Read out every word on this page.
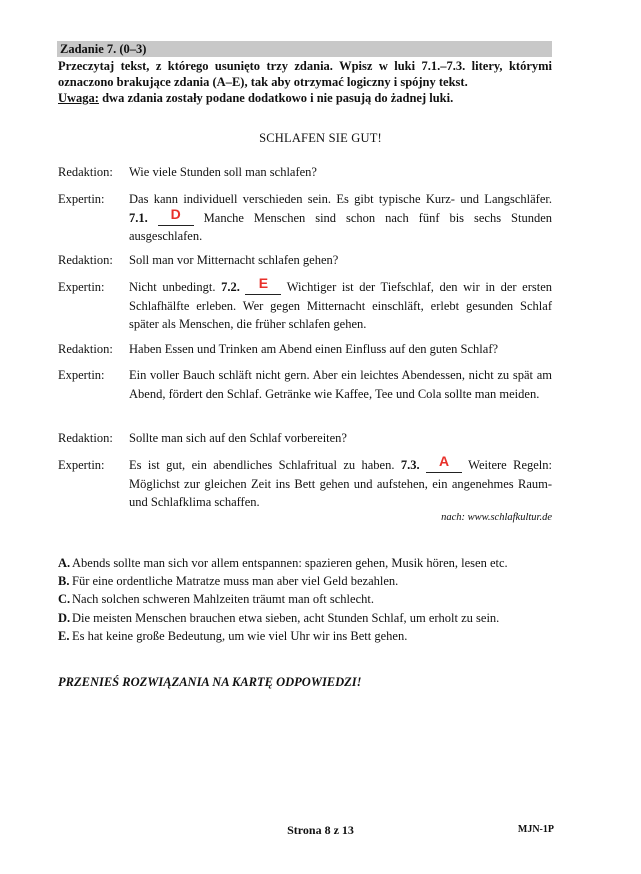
Zadanie 7. (0–3)
Przeczytaj tekst, z którego usunięto trzy zdania. Wpisz w luki 7.1.–7.3. litery, którymi oznaczono brakujące zdania (A–E), tak aby otrzymać logiczny i spójny tekst.
Uwaga: dwa zdania zostały podane dodatkowo i nie pasują do żadnej luki.
SCHLAFEN SIE GUT!
Redaktion:	Wie viele Stunden soll man schlafen?
Expertin:	Das kann individuell verschieden sein. Es gibt typische Kurz- und Langschläfer. 7.1. D Manche Menschen sind schon nach fünf bis sechs Stunden ausgeschlafen.
Redaktion:	Soll man vor Mitternacht schlafen gehen?
Expertin:	Nicht unbedingt. 7.2. E Wichtiger ist der Tiefschlaf, den wir in der ersten Schlafhälfte erleben. Wer gegen Mitternacht einschläft, erlebt gesunden Schlaf später als Menschen, die früher schlafen gehen.
Redaktion:	Haben Essen und Trinken am Abend einen Einfluss auf den guten Schlaf?
Expertin:	Ein voller Bauch schläft nicht gern. Aber ein leichtes Abendessen, nicht zu spät am Abend, fördert den Schlaf. Getränke wie Kaffee, Tee und Cola sollte man meiden.
Redaktion:	Sollte man sich auf den Schlaf vorbereiten?
Expertin:	Es ist gut, ein abendliches Schlafritual zu haben. 7.3. A Weitere Regeln: Möglichst zur gleichen Zeit ins Bett gehen und aufstehen, ein angenehmes Raum- und Schlafklima schaffen.
nach: www.schlafkultur.de
A. Abends sollte man sich vor allem entspannen: spazieren gehen, Musik hören, lesen etc.
B. Für eine ordentliche Matratze muss man aber viel Geld bezahlen.
C. Nach solchen schweren Mahlzeiten träumt man oft schlecht.
D. Die meisten Menschen brauchen etwa sieben, acht Stunden Schlaf, um erholt zu sein.
E. Es hat keine große Bedeutung, um wie viel Uhr wir ins Bett gehen.
PRZENIEŚ ROZWIĄZANIA NA KARTĘ ODPOWIEDZI!
Strona 8 z 13	MJN-1P
